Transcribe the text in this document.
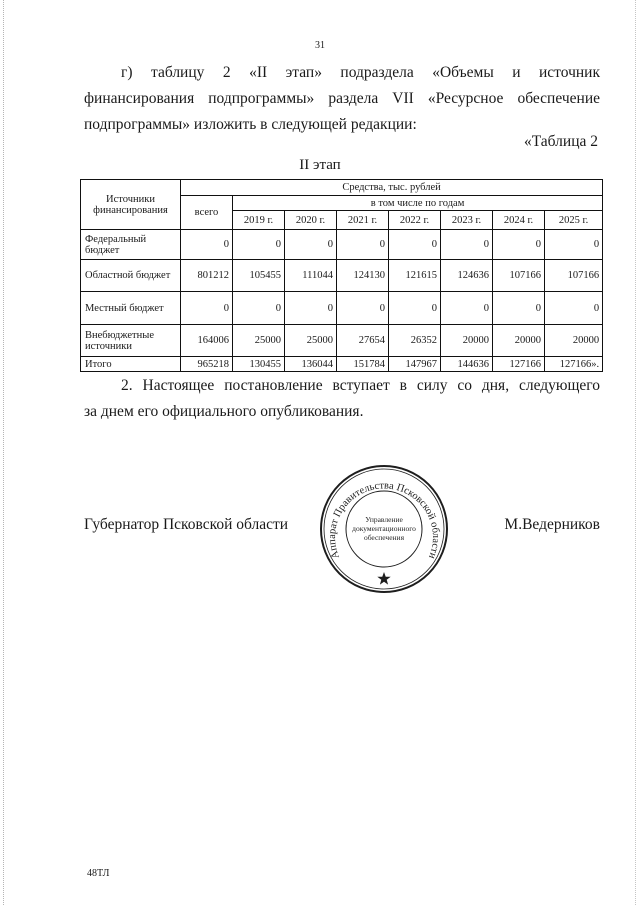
31
г) таблицу 2 «II этап» подраздела «Объемы и источник
финансирования подпрограммы» раздела VII «Ресурсное обеспечение
подпрограммы» изложить в следующей редакции:
«Таблица 2
II этап
Источники финансирования	Средства, тыс. рублей							
	всего	в том числе по годам						
		2019 г.	2020 г.	2021 г.	2022 г.	2023 г.	2024 г.	2025 г.
Федеральный бюджет	0	0	0	0	0	0	0	0
Областной бюджет	801212	105455	111044	124130	121615	124636	107166	107166
Местный бюджет	0	0	0	0	0	0	0	0
Внебюджетные источники	164006	25000	25000	27654	26352	20000	20000	20000
Итого	965218	130455	136044	151784	147967	144636	127166	127166».
2. Настоящее постановление вступает в силу со дня, следующего
за днем его официального опубликования.
Губернатор Псковской области
Аппарат Правительства Псковской области
Управление
документационного
обеспечения
М.Ведерников
48ТЛ
